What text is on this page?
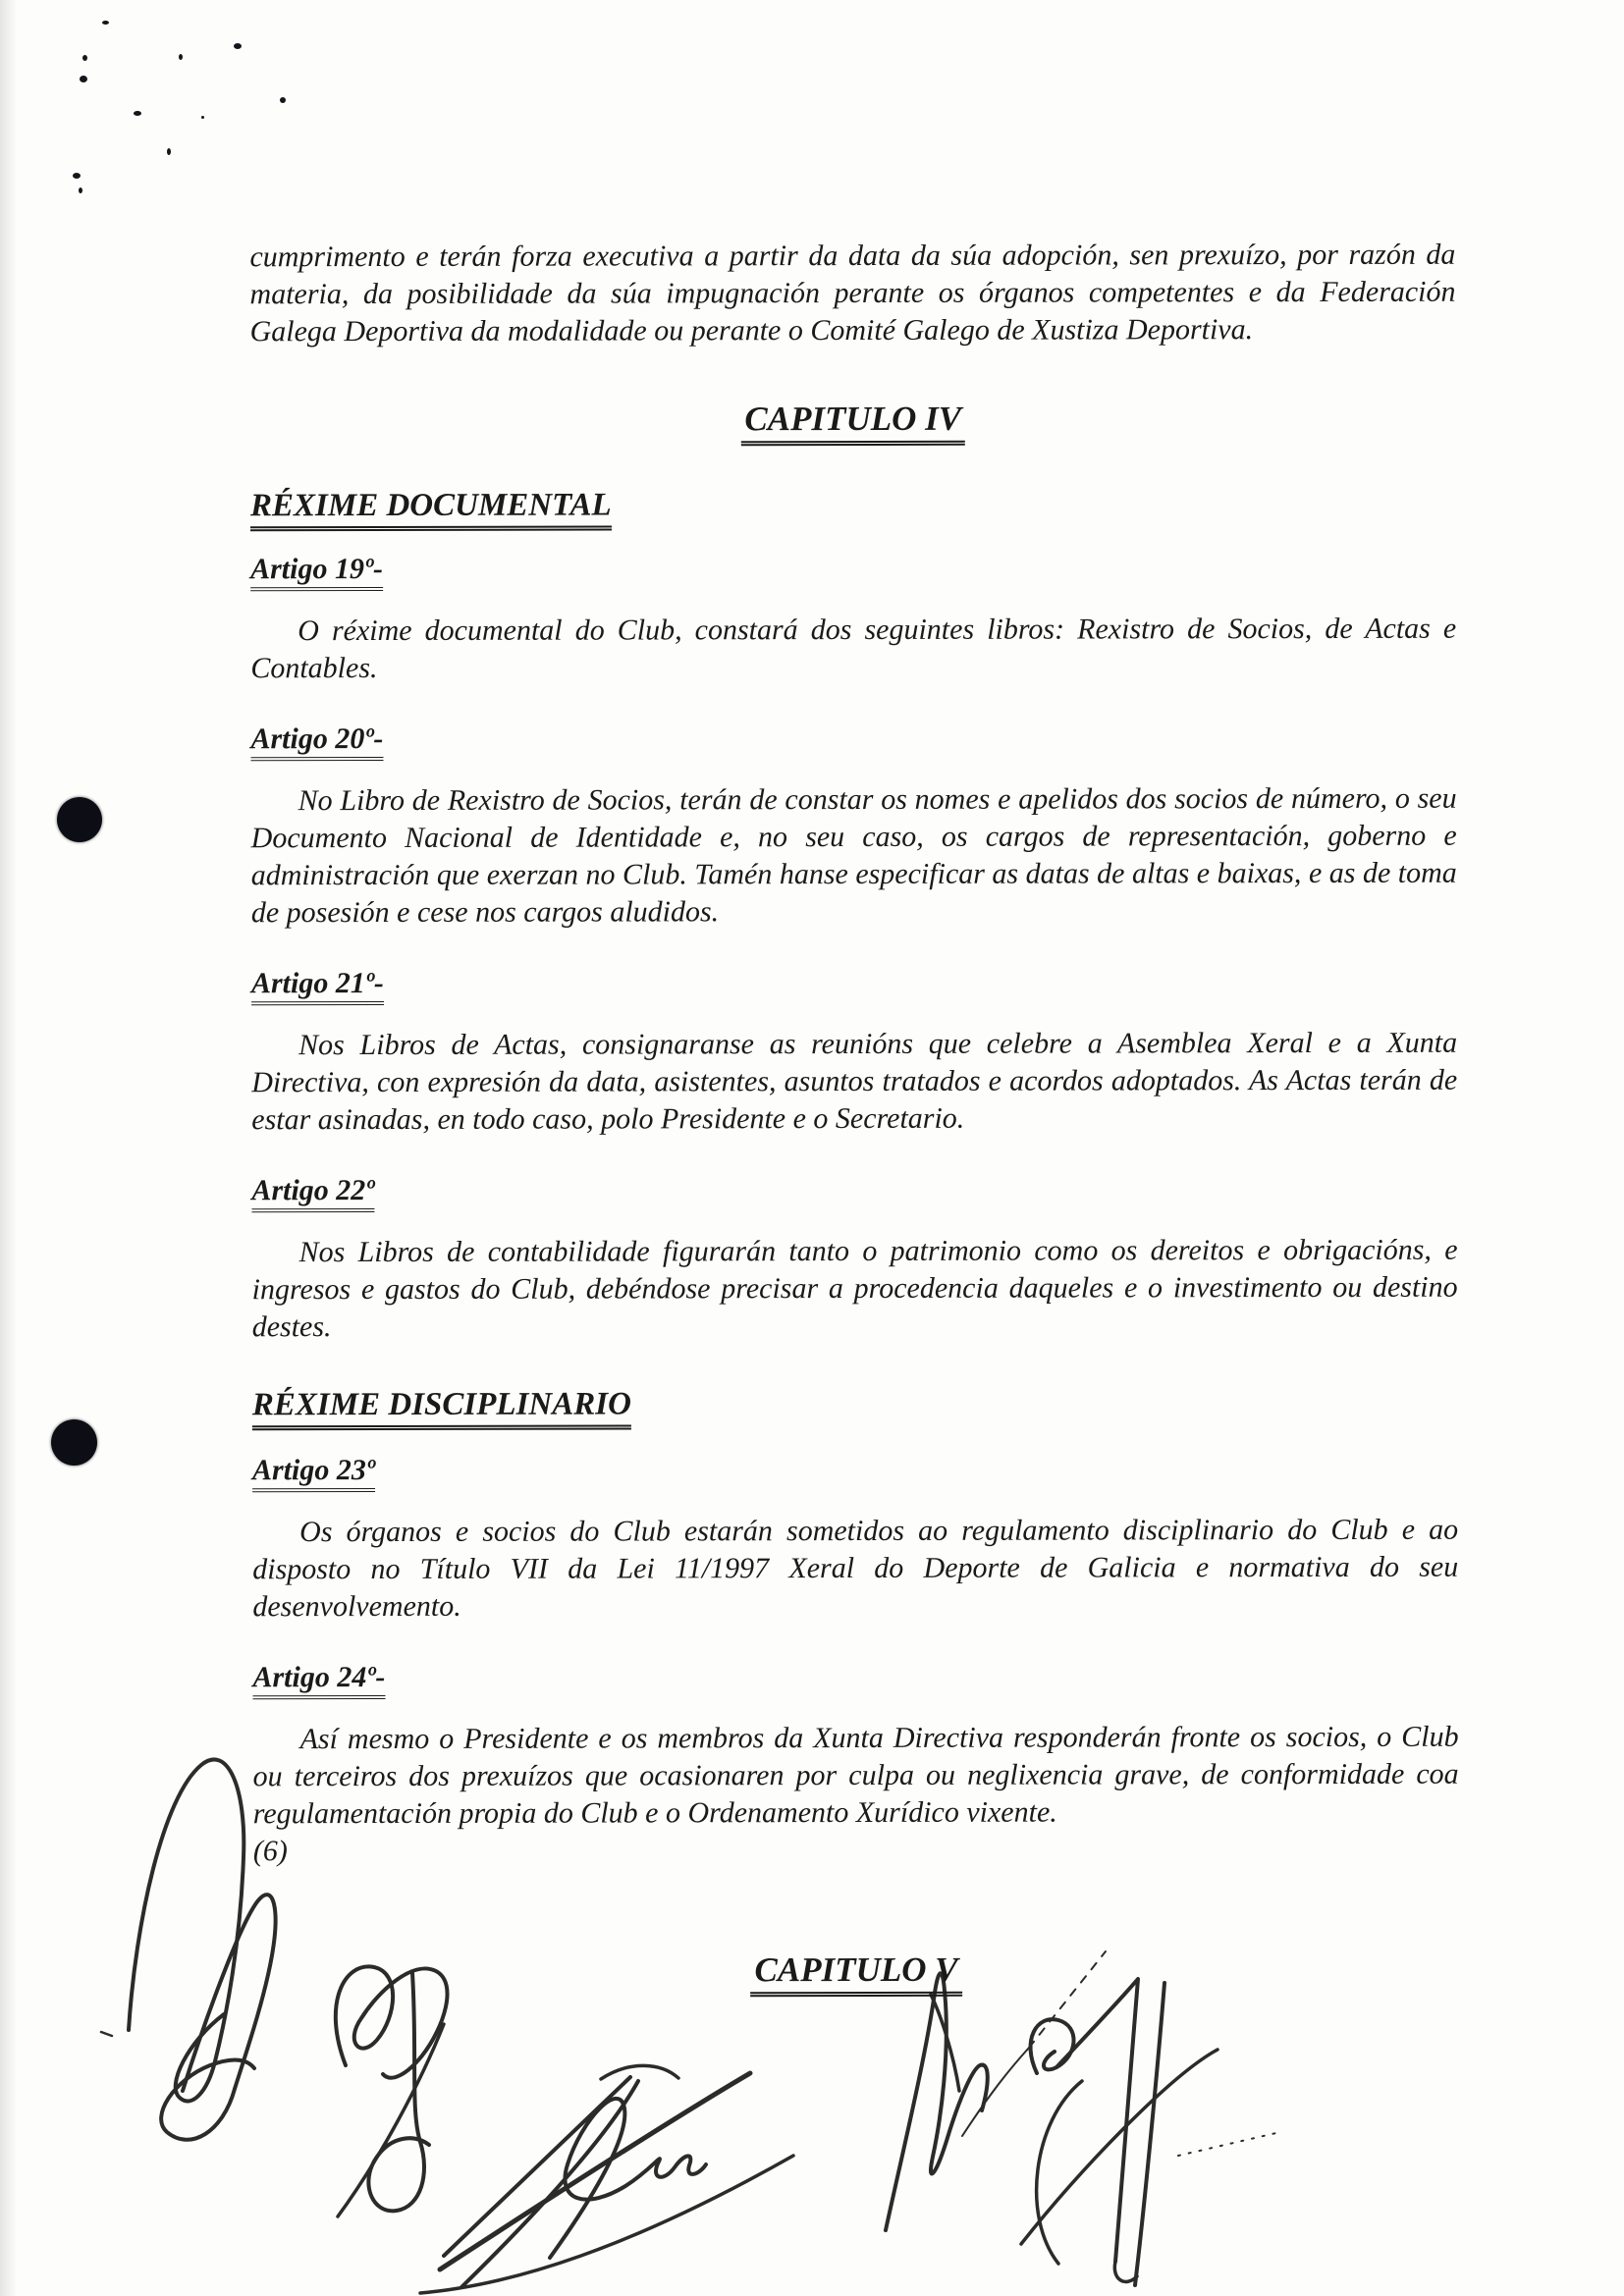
cumprimento e terán forza executiva a partir da data da súa adopción, sen prexuízo, por razón da materia, da posibilidade da súa impugnación perante os órganos competentes e da Federación Galega Deportiva da modalidade ou perante o Comité Galego de Xustiza Deportiva.

CAPITULO IV
RÉXIME DOCUMENTAL
Artigo 19º-

O réxime documental do Club, constará dos seguintes libros: Rexistro de Socios, de Actas e Contables.

Artigo 20º-

No Libro de Rexistro de Socios, terán de constar os nomes e apelidos dos socios de número, o seu Documento Nacional de Identidade e, no seu caso, os cargos de representación, goberno e administración que exerzan no Club. Tamén hanse especificar as datas de altas e baixas, e as de toma de posesión e cese nos cargos aludidos.

Artigo 21º-

Nos Libros de Actas, consignaranse as reunións que celebre a Asemblea Xeral e a Xunta Directiva, con expresión da data, asistentes, asuntos tratados e acordos adoptados. As Actas terán de estar asinadas, en todo caso, polo Presidente e o Secretario.

Artigo 22º

Nos Libros de contabilidade figurarán tanto o patrimonio como os dereitos e obrigacións, e ingresos e gastos do Club, debéndose precisar a procedencia daqueles e o investimento ou destino destes.

RÉXIME DISCIPLINARIO
Artigo 23º

Os órganos e socios do Club estarán sometidos ao regulamento disciplinario do Club e ao disposto no Título VII da Lei 11/1997 Xeral do Deporte de Galicia e normativa do seu desenvolvemento.

Artigo 24º-

Así mesmo o Presidente e os membros da Xunta Directiva responderán fronte os socios, o Club ou terceiros dos prexuízos que ocasionaren por culpa ou neglixencia grave, de conformidade coa regulamentación propia do Club e o Ordenamento Xurídico vixente.

(6)

CAPITULO V
